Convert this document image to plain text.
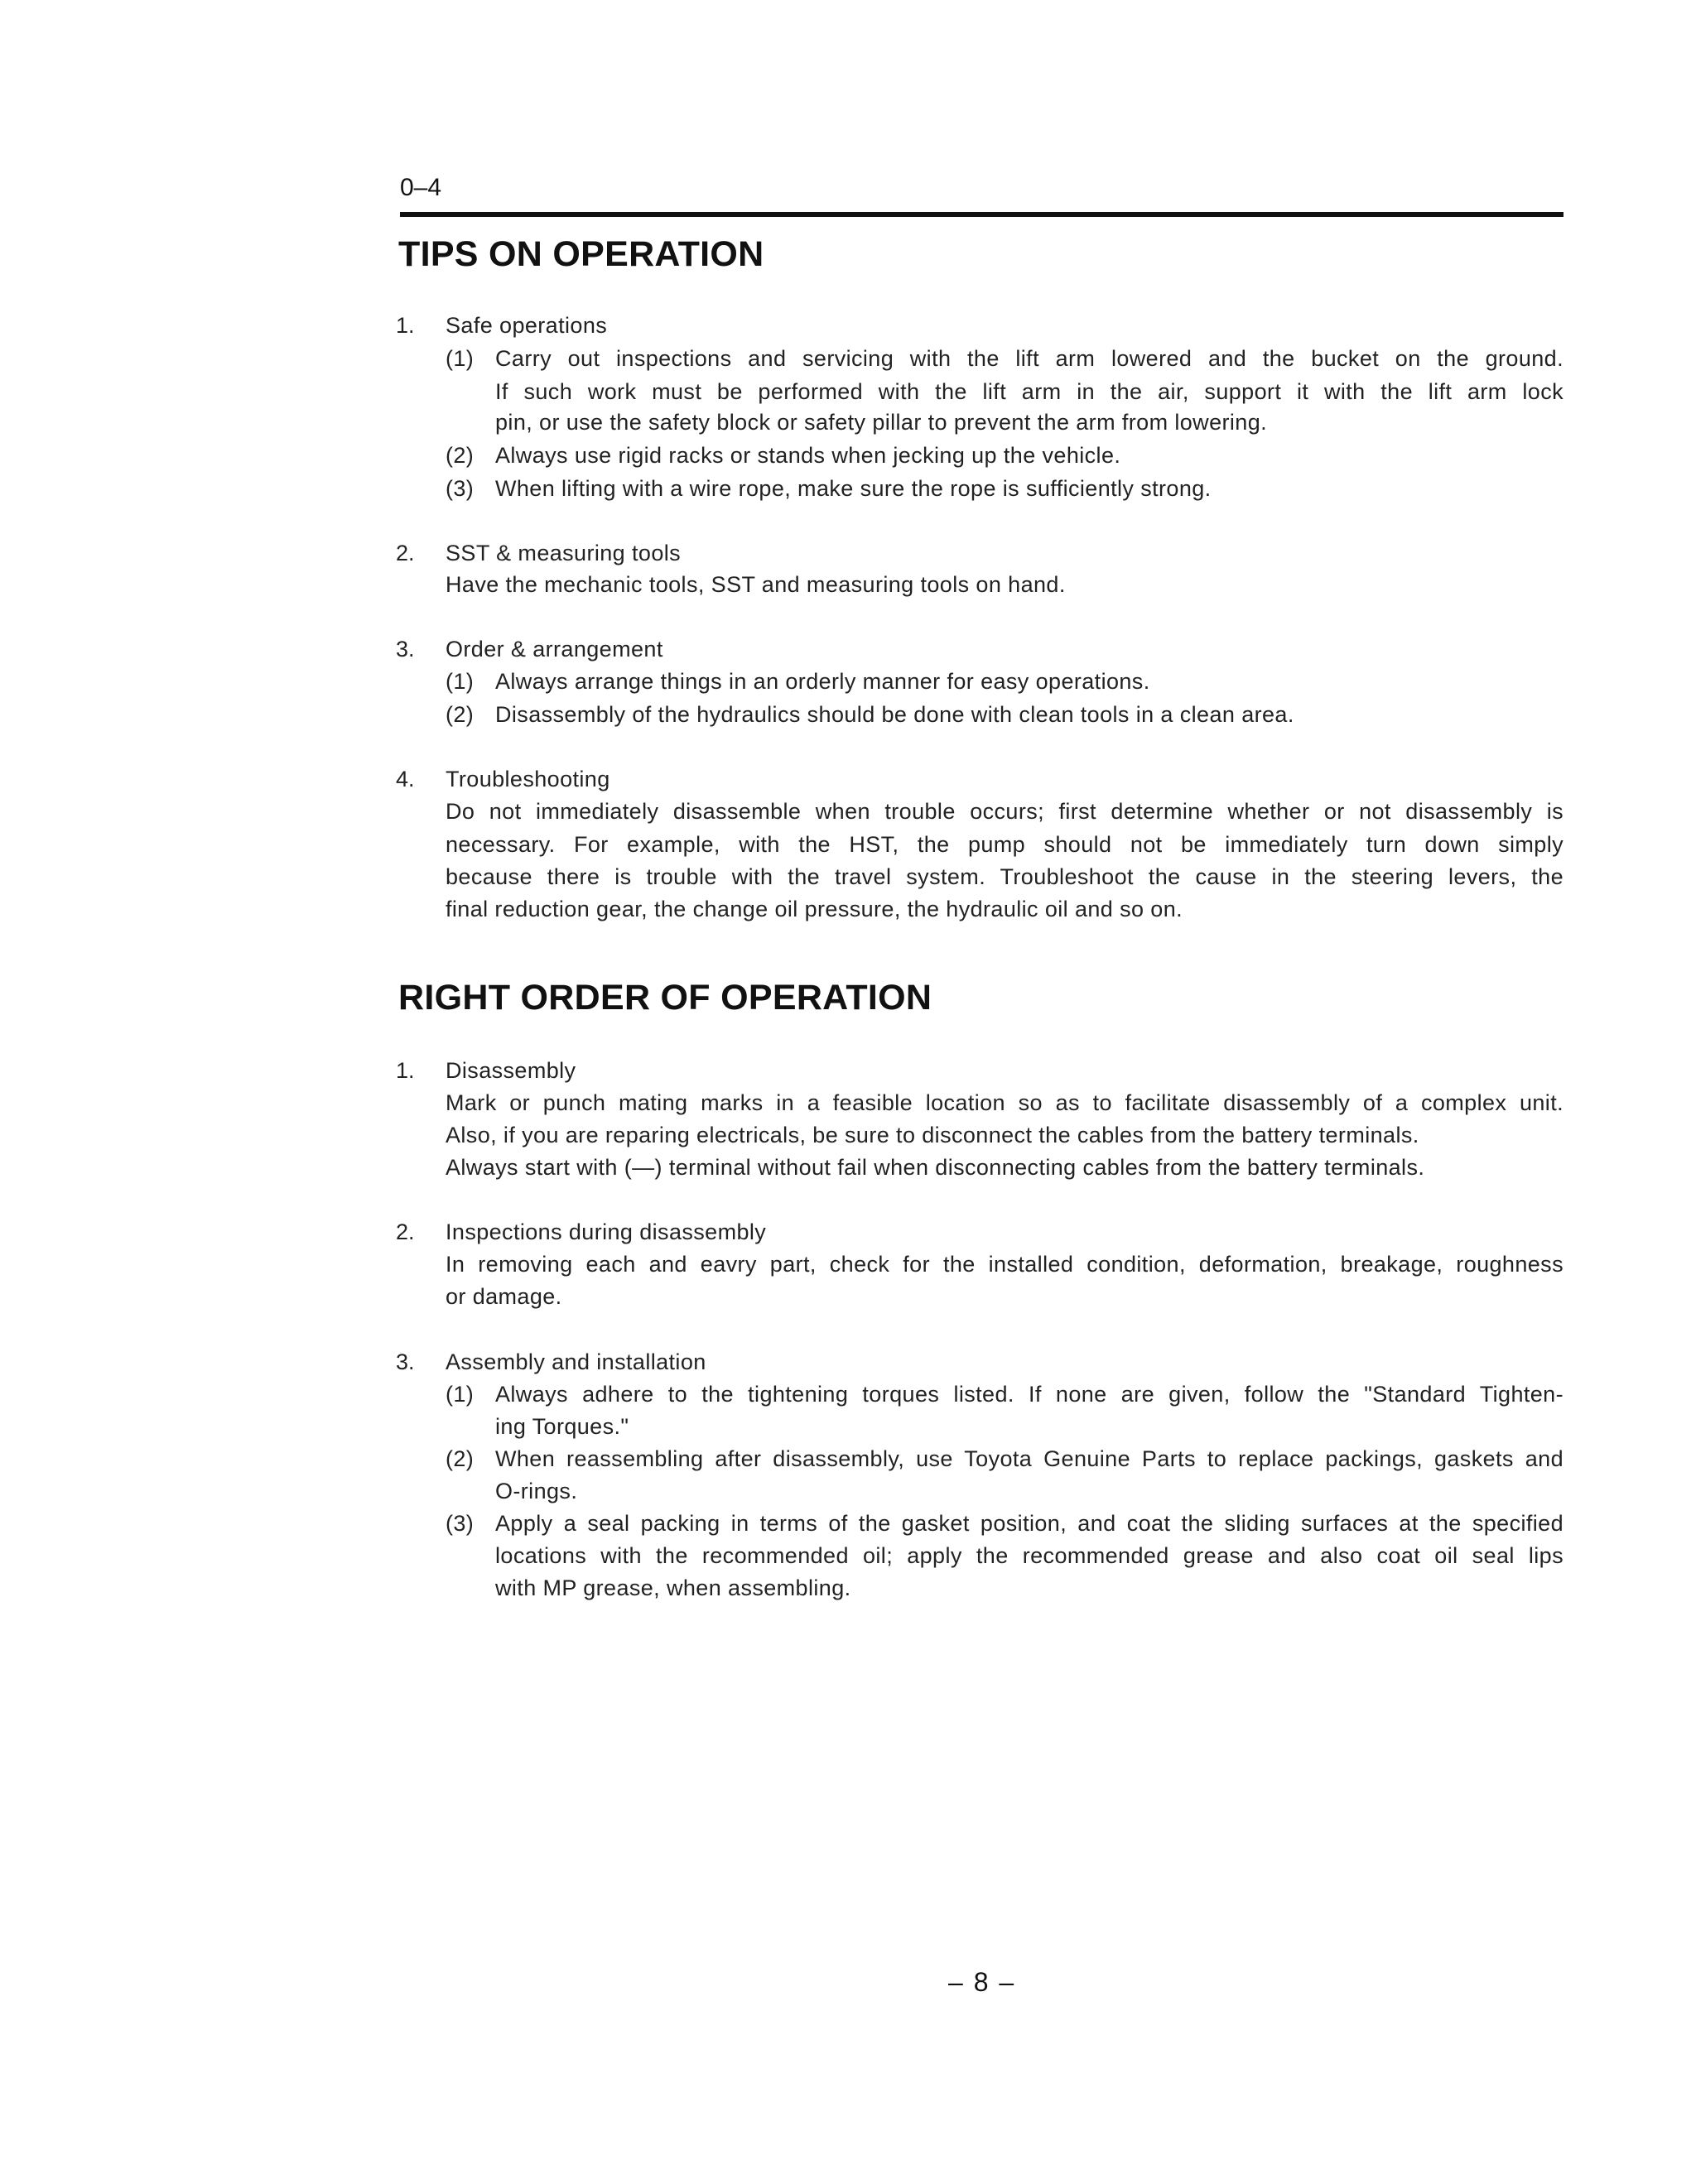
0–4
TIPS ON OPERATION
1. Safe operations
(1) Carry out inspections and servicing with the lift arm lowered and the bucket on the ground.
If such work must be performed with the lift arm in the air, support it with the lift arm lock
pin, or use the safety block or safety pillar to prevent the arm from lowering.
(2) Always use rigid racks or stands when jecking up the vehicle.
(3) When lifting with a wire rope, make sure the rope is sufficiently strong.
2. SST & measuring tools
Have the mechanic tools, SST and measuring tools on hand.
3. Order & arrangement
(1) Always arrange things in an orderly manner for easy operations.
(2) Disassembly of the hydraulics should be done with clean tools in a clean area.
4. Troubleshooting
Do not immediately disassemble when trouble occurs; first determine whether or not disassembly is
necessary. For example, with the HST, the pump should not be immediately turn down simply
because there is trouble with the travel system. Troubleshoot the cause in the steering levers, the
final reduction gear, the change oil pressure, the hydraulic oil and so on.
RIGHT ORDER OF OPERATION
1. Disassembly
Mark or punch mating marks in a feasible location so as to facilitate disassembly of a complex unit.
Also, if you are reparing electricals, be sure to disconnect the cables from the battery terminals.
Always start with (—) terminal without fail when disconnecting cables from the battery terminals.
2. Inspections during disassembly
In removing each and eavry part, check for the installed condition, deformation, breakage, roughness
or damage.
3. Assembly and installation
(1) Always adhere to the tightening torques listed. If none are given, follow the "Standard Tighten-
ing Torques."
(2) When reassembling after disassembly, use Toyota Genuine Parts to replace packings, gaskets and
O-rings.
(3) Apply a seal packing in terms of the gasket position, and coat the sliding surfaces at the specified
locations with the recommended oil; apply the recommended grease and also coat oil seal lips
with MP grease, when assembling.
– 8 –
